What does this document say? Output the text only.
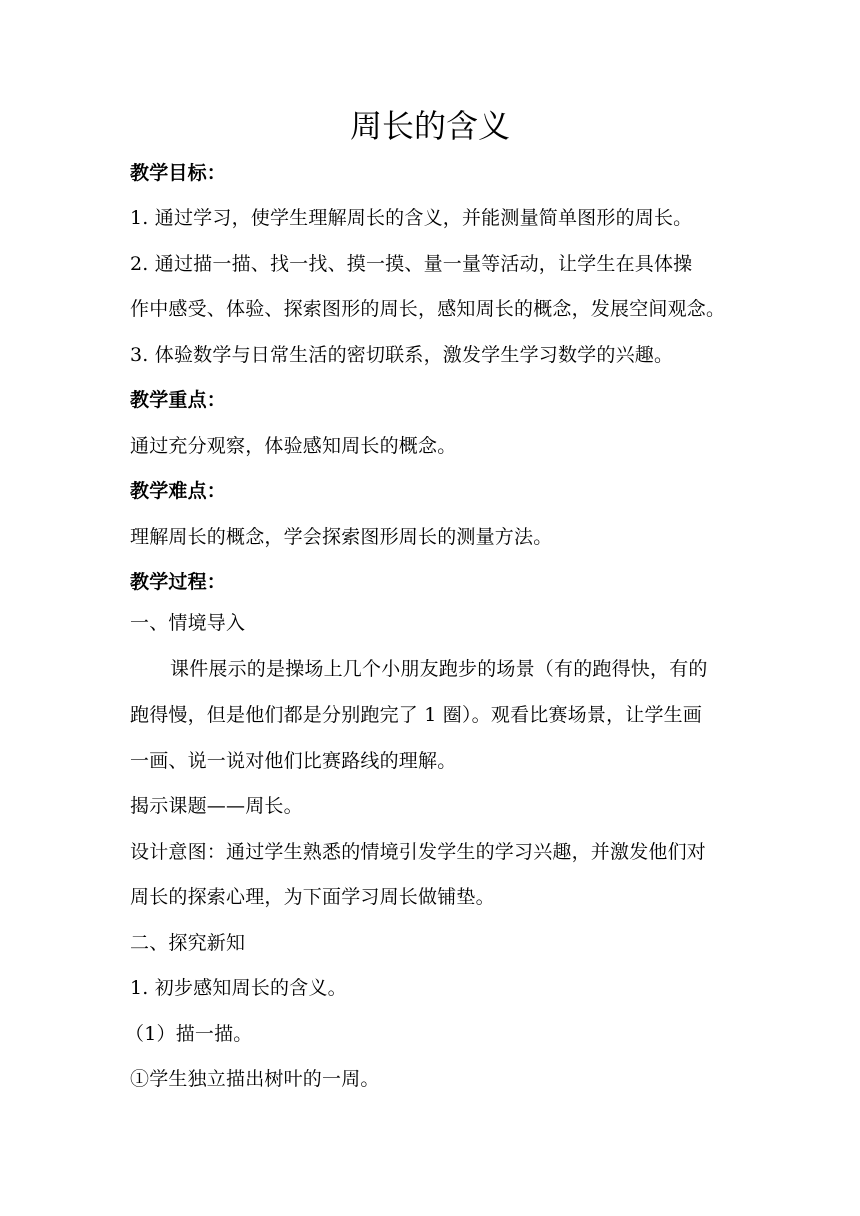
周长的含义
教学目标：
1. 通过学习，使学生理解周长的含义，并能测量简单图形的周长。
2. 通过描一描、找一找、摸一摸、量一量等活动，让学生在具体操
作中感受、体验、探索图形的周长，感知周长的概念，发展空间观念。
3. 体验数学与日常生活的密切联系，激发学生学习数学的兴趣。
教学重点：
通过充分观察，体验感知周长的概念。
教学难点：
理解周长的概念，学会探索图形周长的测量方法。
教学过程：
一、情境导入
课件展示的是操场上几个小朋友跑步的场景（有的跑得快，有的
跑得慢，但是他们都是分别跑完了 1 圈）。观看比赛场景，让学生画
一画、说一说对他们比赛路线的理解。
揭示课题——周长。
设计意图：通过学生熟悉的情境引发学生的学习兴趣，并激发他们对
周长的探索心理，为下面学习周长做铺垫。
二、探究新知
1. 初步感知周长的含义。
（1）描一描。
①学生独立描出树叶的一周。
